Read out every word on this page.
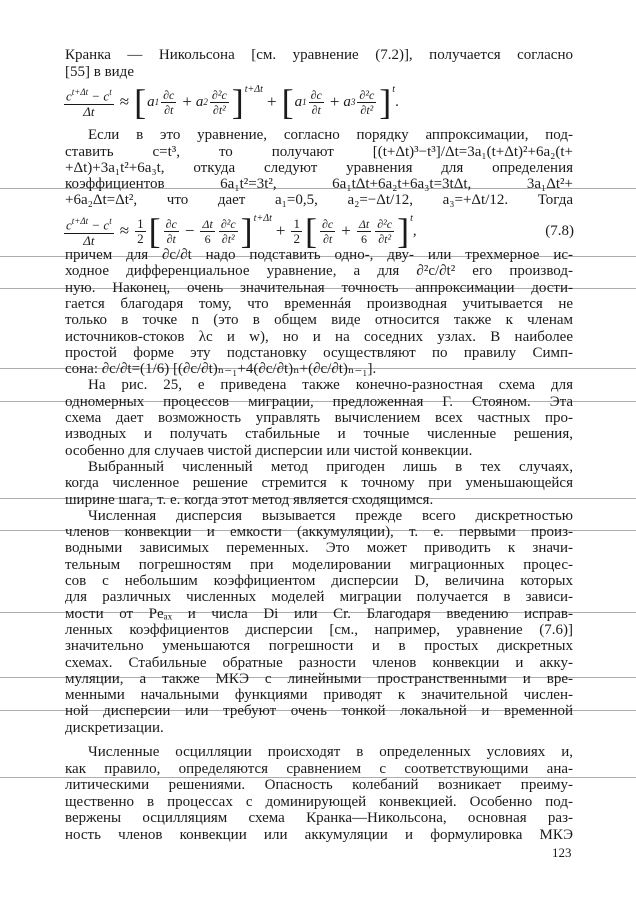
Кранка — Никольсона [см. уравнение (7.2)], получается согласно
[55] в виде
Если в это уравнение, согласно порядку аппроксимации, под-
ставить c=t³, то получают [(t+Δt)³−t³]/Δt=3a₁(t+Δt)²+6a₂(t+
+Δt)+3a₁t²+6a₃t, откуда следуют уравнения для определения
коэффициентов 6a₁t²=3t², 6a₁tΔt+6a₂t+6a₃t=3tΔt, 3a₁Δt²+
+6a₂Δt=Δt², что дает a₁=0,5, a₂=−Δt/12, a₃=+Δt/12. Тогда
причем для ∂c/∂t надо подставить одно-, дву- или трехмерное ис-
ходное дифференциальное уравнение, а для ∂²c/∂t² его производ-
ную. Наконец, очень значительная точность аппроксимации дости-
гается благодаря тому, что временнáя производная учитывается не
только в точке n (это в общем виде относится также к членам
источников-стоков λc и w), но и на соседних узлах. В наиболее
простой форме эту подстановку осуществляют по правилу Симп-
сона: ∂c/∂t=(1/6) [(∂c/∂t)ₙ₋₁+4(∂c/∂t)ₙ+(∂c/∂t)ₙ₋₁].
На рис. 25, e приведена также конечно-разностная схема для
одномерных процессов миграции, предложенная Г. Стояном. Эта
схема дает возможность управлять вычислением всех частных про-
изводных и получать стабильные и точные численные решения,
особенно для случаев чистой дисперсии или чистой конвекции.
Выбранный численный метод пригоден лишь в тех случаях,
когда численное решение стремится к точному при уменьшающейся
ширине шага, т. е. когда этот метод является сходящимся.
Численная дисперсия вызывается прежде всего дискретностью
членов конвекции и емкости (аккумуляции), т. е. первыми произ-
водными зависимых переменных. Это может приводить к значи-
тельным погрешностям при моделировании миграционных процес-
сов с небольшим коэффициентом дисперсии D, величина которых
для различных численных моделей миграции получается в зависи-
мости от Peₐₓ и числа Di или Cr. Благодаря введению исправ-
ленных коэффициентов дисперсии [см., например, уравнение (7.6)]
значительно уменьшаются погрешности и в простых дискретных
схемах. Стабильные обратные разности членов конвекции и акку-
муляции, а также МКЭ с линейными пространственными и вре-
менными начальными функциями приводят к значительной числен-
ной дисперсии или требуют очень тонкой локальной и временной
дискретизации.
Численные осцилляции происходят в определенных условиях и,
как правило, определяются сравнением с соответствующими ана-
литическими решениями. Опасность колебаний возникает преиму-
щественно в процессах с доминирующей конвекцией. Особенно под-
вержены осцилляциям схема Кранка—Никольсона, основная раз-
ность членов конвекции или аккумуляции и формулировка МКЭ
$\frac{c^{t+\Delta t} - c^t}{\Delta t}$ ≈ [ a $1 \frac{\partial c}{\partial t} + a$ $2 \frac{\text{∂²c}}{\text{∂t²}}$ ] t+Δt
+ [ a $1 \frac{\partial c}{\partial t} + a$ $3 \frac{\text{∂²c}}{\text{∂t²}}$ ] t
.
$\frac{c^{t+\Delta t} - c^t}{\Delta t} \approx \frac{1}{2}$ [ $\frac{\partial c}{\partial t} - \frac{\Delta t}{6} \frac{\text{∂²c}}{\text{∂t²}}$ ] t+Δt
+ $\frac{1}{2}$ [ $\frac{\partial c}{\partial t} + \frac{\Delta t}{6} \frac{\text{∂²c}}{\text{∂t²}}$ ] t
,	(7.8)
123
